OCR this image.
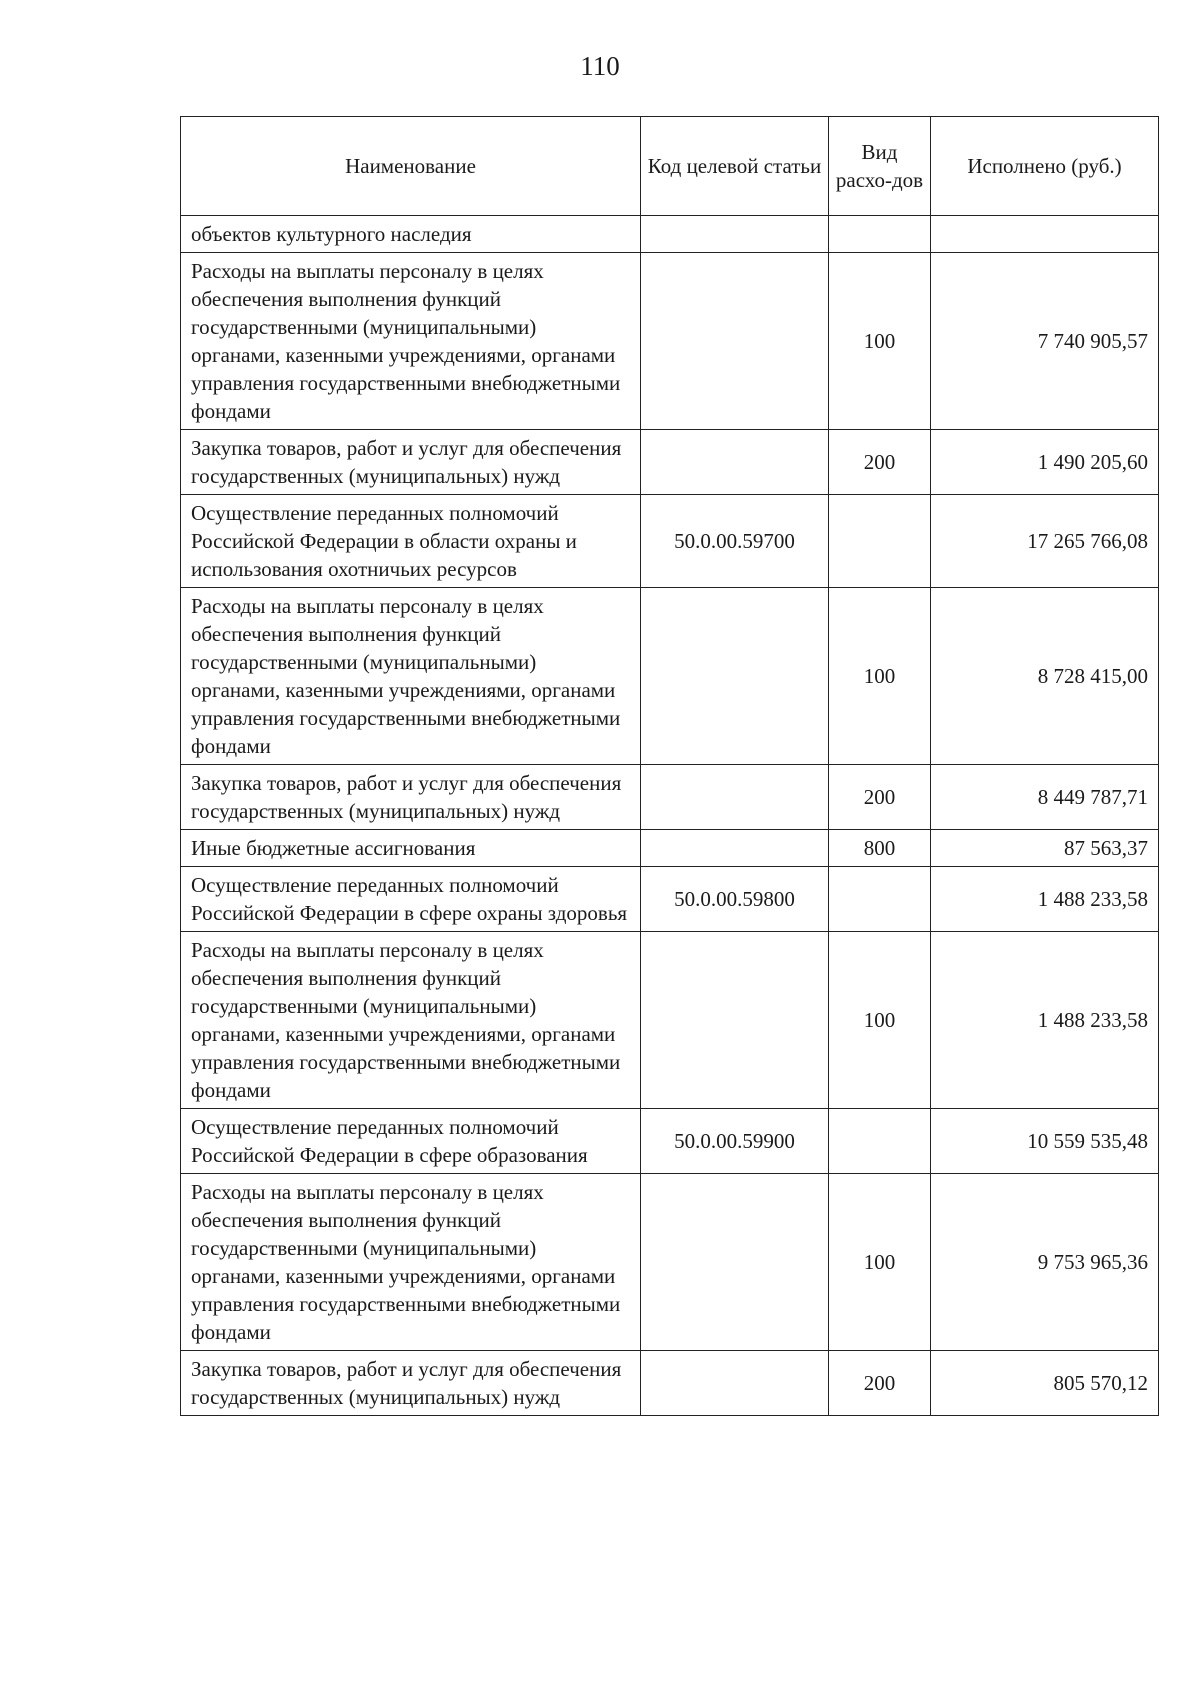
110
Наименование	Код целевой статьи	Вид расхо-дов	Исполнено (руб.)
объектов культурного наследия			
Расходы на выплаты персоналу в целях обеспечения выполнения функций государственными (муниципальными) органами, казенными учреждениями, органами управления государственными внебюджетными фондами		100	7 740 905,57
Закупка товаров, работ и услуг для обеспечения государственных (муниципальных) нужд		200	1 490 205,60
Осуществление переданных полномочий Российской Федерации в области охраны и использования охотничьих ресурсов	50.0.00.59700		17 265 766,08
Расходы на выплаты персоналу в целях обеспечения выполнения функций государственными (муниципальными) органами, казенными учреждениями, органами управления государственными внебюджетными фондами		100	8 728 415,00
Закупка товаров, работ и услуг для обеспечения государственных (муниципальных) нужд		200	8 449 787,71
Иные бюджетные ассигнования		800	87 563,37
Осуществление переданных полномочий Российской Федерации в сфере охраны здоровья	50.0.00.59800		1 488 233,58
Расходы на выплаты персоналу в целях обеспечения выполнения функций государственными (муниципальными) органами, казенными учреждениями, органами управления государственными внебюджетными фондами		100	1 488 233,58
Осуществление переданных полномочий Российской Федерации в сфере образования	50.0.00.59900		10 559 535,48
Расходы на выплаты персоналу в целях обеспечения выполнения функций государственными (муниципальными) органами, казенными учреждениями, органами управления государственными внебюджетными фондами		100	9 753 965,36
Закупка товаров, работ и услуг для обеспечения государственных (муниципальных) нужд		200	805 570,12
